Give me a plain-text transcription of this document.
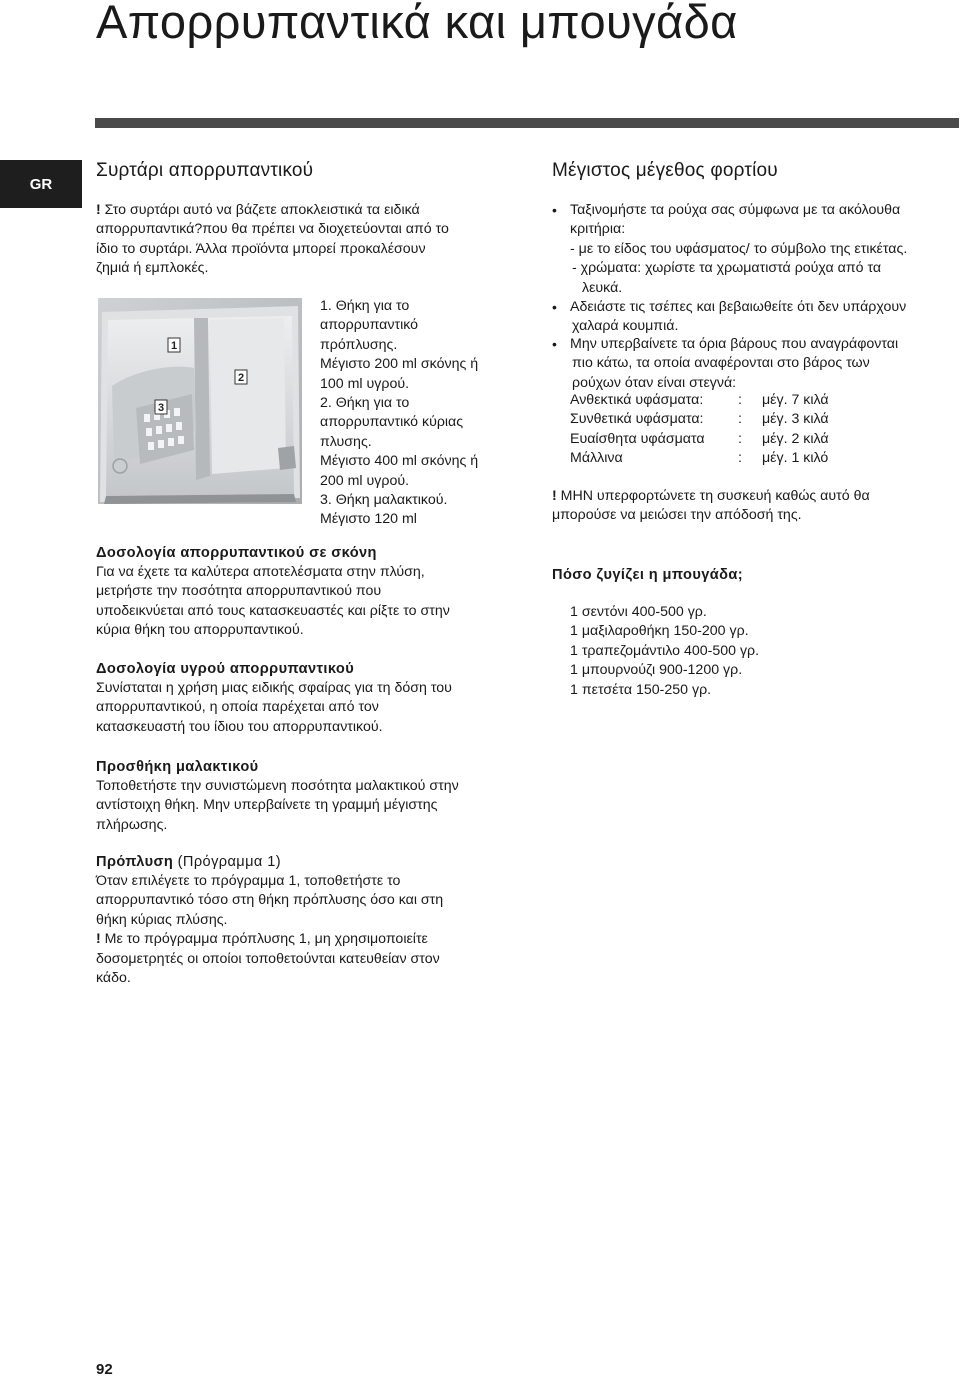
Απορρυπαντικά και μπουγάδα
GR
Συρτάρι απορρυπαντικού

! Στο συρτάρι αυτό να βάζετε αποκλειστικά τα ειδικά

απορρυπαντικά?που θα πρέπει να διοχετεύονται από το

ίδιο το συρτάρι. Άλλα προϊόντα μπορεί προκαλέσουν

ζημιά ή εμπλοκές.

1
2
3

1. Θήκη για το

απορρυπαντικό

πρόπλυσης.

Μέγιστο 200 ml σκόνης ή

100 ml υγρού.

2. Θήκη για το

απορρυπαντικό κύριας

πλυσης.

Μέγιστο 400 ml σκόνης ή

200 ml υγρού.

3. Θήκη μαλακτικού.

Μέγιστο 120 ml

Δοσολογία απορρυπαντικού σε σκόνη

Για να έχετε τα καλύτερα αποτελέσματα στην πλύση,

μετρήστε την ποσότητα απορρυπαντικού που

υποδεικνύεται από τους κατασκευαστές και ρίξτε το στην

κύρια θήκη του απορρυπαντικού.

Δοσολογία υγρού απορρυπαντικού

Συνίσταται η χρήση μιας ειδικής σφαίρας για τη δόση του

απορρυπαντικού, η οποία παρέχεται από τον

κατασκευαστή του ίδιου του απορρυπαντικού.

Προσθήκη μαλακτικού

Τοποθετήστε την συνιστώμενη ποσότητα μαλακτικού στην

αντίστοιχη θήκη. Μην υπερβαίνετε τη γραμμή μέγιστης

πλήρωσης.

Πρόπλυση (Πρόγραμμα 1)

Όταν επιλέγετε το πρόγραμμα 1, τοποθετήστε το

απορρυπαντικό τόσο στη θήκη πρόπλυσης όσο και στη

θήκη κύριας πλύσης.

! Με το πρόγραμμα πρόπλυσης 1, μη χρησιμοποιείτε

δοσομετρητές οι οποίοι τοποθετούνται κατευθείαν στον

κάδο.

Μέγιστος μέγεθος φορτίου
• Ταξινομήστε τα ρούχα σας σύμφωνα με τα ακόλουθα
κριτήρια:
- με το είδος του υφάσματος/ το σύμβολο της ετικέτας.
- χρώματα: χωρίστε τα χρωματιστά ρούχα από τα
λευκά.
• Αδειάστε τις τσέπες και βεβαιωθείτε ότι δεν υπάρχουν
χαλαρά κουμπιά.
• Μην υπερβαίνετε τα όρια βάρους που αναγράφονται
πιο κάτω, τα οποία αναφέρονται στο βάρος των
ρούχων όταν είναι στεγνά:
Ανθεκτικά υφάσματα:	:	μέγ. 7 κιλά
Συνθετικά υφάσματα:	:	μέγ. 3 κιλά
Ευαίσθητα υφάσματα	:	μέγ. 2 κιλά
Μάλλινα	:	μέγ. 1 κιλό

! ΜΗΝ υπερφορτώνετε τη συσκευή καθώς αυτό θα

μπορούσε να μειώσει την απόδοσή της.

Πόσο ζυγίζει η μπουγάδα;

1 σεντόνι 400-500 γρ.

1 μαξιλαροθήκη 150-200 γρ.

1 τραπεζομάντιλο 400-500 γρ.

1 μπουρνούζι 900-1200 γρ.

1 πετσέτα 150-250 γρ.

92
